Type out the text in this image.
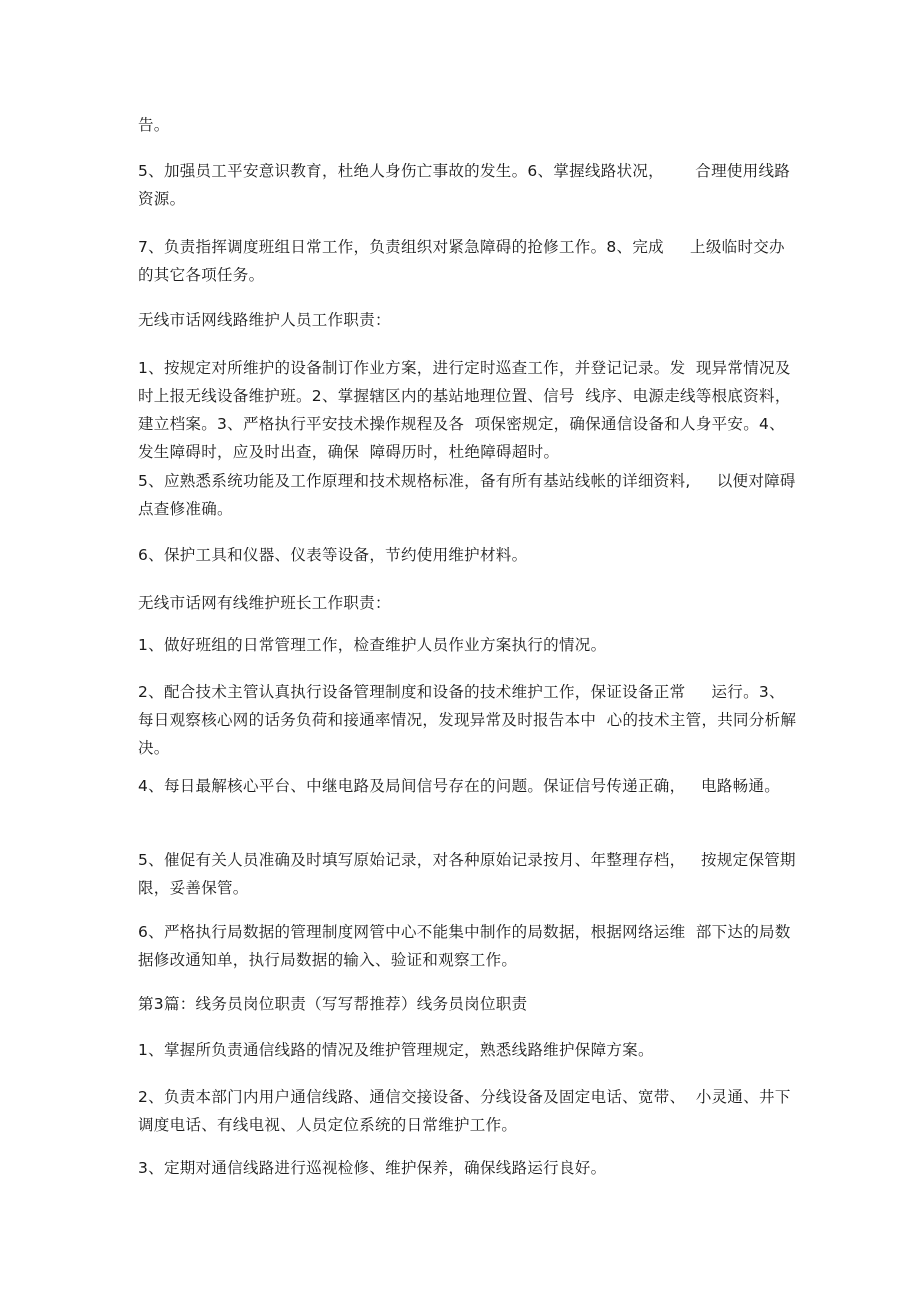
告。

5、加强员工平安意识教育，杜绝人身伤亡事故的发生。6、掌握线路状况，      合理使用线路资源。

7、负责指挥调度班组日常工作，负责组织对紧急障碍的抢修工作。8、完成     上级临时交办的其它各项任务。

无线市话网线路维护人员工作职责：

1、按规定对所维护的设备制订作业方案，进行定时巡查工作，并登记记录。发  现异常情况及时上报无线设备维护班。2、掌握辖区内的基站地理位置、信号  线序、电源走线等根底资料，建立档案。3、严格执行平安技术操作规程及各  项保密规定，确保通信设备和人身平安。4、发生障碍时，应及时出查，确保  障碍历时，杜绝障碍超时。

5、应熟悉系统功能及工作原理和技术规格标准，备有所有基站线帐的详细资料,     以便对障碍点查修准确。

6、保护工具和仪器、仪表等设备，节约使用维护材料。

无线市话网有线维护班长工作职责：

1、做好班组的日常管理工作，检查维护人员作业方案执行的情况。

2、配合技术主管认真执行设备管理制度和设备的技术维护工作，保证设备正常     运行。3、每日观察核心网的话务负荷和接通率情况，发现异常及时报告本中  心的技术主管，共同分析解决。

4、每日最解核心平台、中继电路及局间信号存在的问题。保证信号传递正确，   电路畅通。

5、催促有关人员准确及时填写原始记录，对各种原始记录按月、年整理存档，   按规定保管期限，妥善保管。

6、严格执行局数据的管理制度网管中心不能集中制作的局数据，根据网络运维  部下达的局数据修改通知单，执行局数据的输入、验证和观察工作。

第3篇：线务员岗位职责（写写帮推荐）线务员岗位职责

1、掌握所负责通信线路的情况及维护管理规定，熟悉线路维护保障方案。

2、负责本部门内用户通信线路、通信交接设备、分线设备及固定电话、宽带、  小灵通、井下调度电话、有线电视、人员定位系统的日常维护工作。

3、定期对通信线路进行巡视检修、维护保养，确保线路运行良好。
